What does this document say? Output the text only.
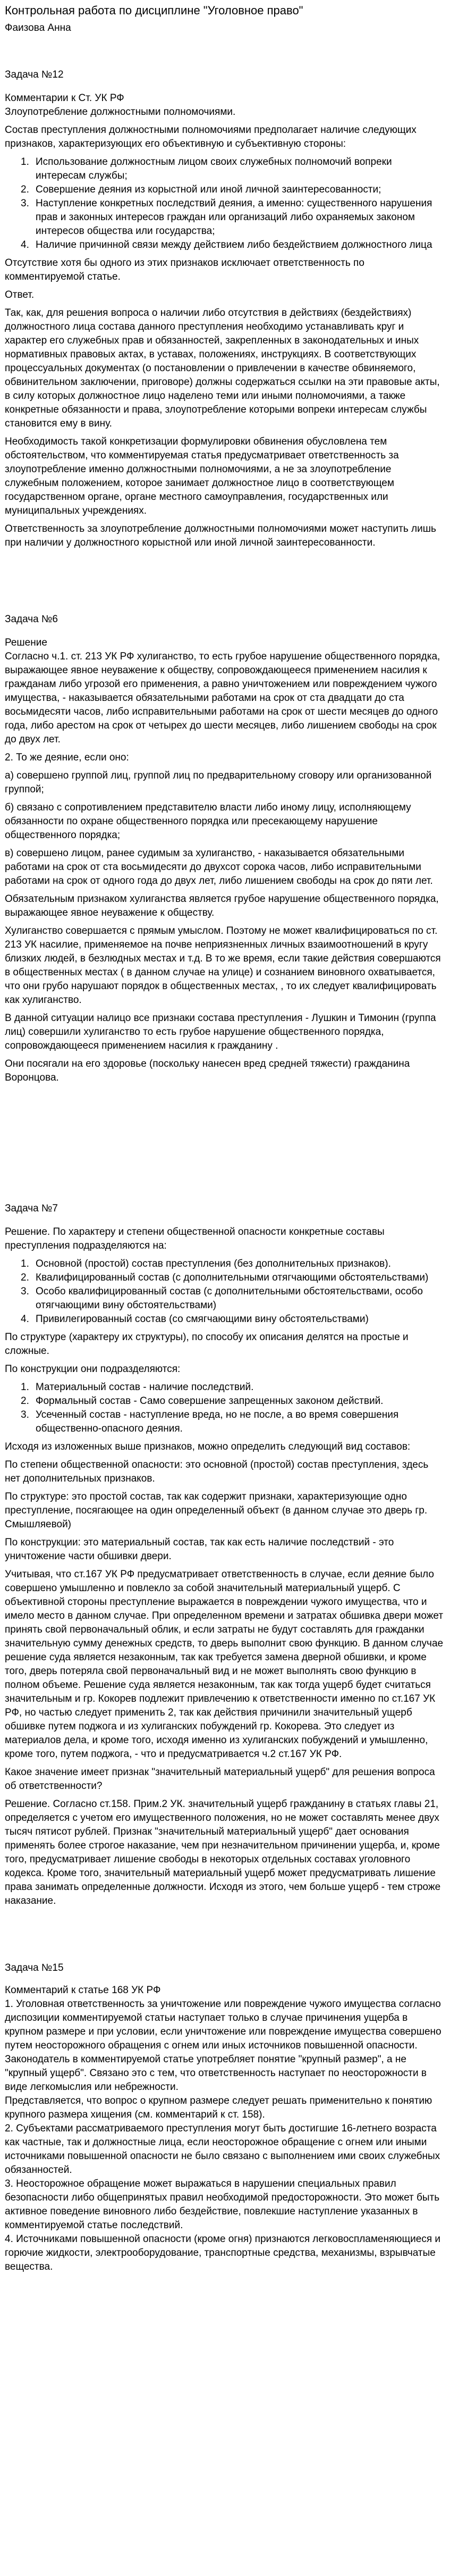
Контрольная работа по дисциплине "Уголовное право"

Фаизова Анна

Задача №12

Комментарии к Ст. УК РФ

Злоупотребление должностными полномочиями.

Состав преступления должностными полномочиями предполагает наличие следующих признаков, характеризующих его объективную и субъективную стороны:

1. Использование должностным лицом своих служебных полномочий вопреки интересам службы;
2. Совершение деяния из корыстной или иной личной заинтересованности;
3. Наступление конкретных последствий деяния, а именно: существенного нарушения прав и законных интересов граждан или организаций либо охраняемых законом интересов общества или государства;
4. Наличие причинной связи между действием либо бездействием должностного лица

Отсутствие хотя бы одного из этих признаков исключает ответственность по комментируемой статье.

Ответ.

Так, как, для решения вопроса о наличии либо отсутствия в действиях (бездействиях) должностного лица состава данного преступления необходимо устанавливать круг и характер его служебных прав и обязанностей, закрепленных в законодательных и иных нормативных правовых актах, в уставах, положениях, инструкциях. В соответствующих процессуальных документах (о постановлении о привлечении в качестве обвиняемого, обвинительном заключении, приговоре) должны содержаться ссылки на эти правовые акты, в силу которых должностное лицо наделено теми или иными полномочиями, а также конкретные обязанности и права, злоупотребление которыми вопреки интересам службы становится ему в вину.

Необходимость такой конкретизации формулировки обвинения обусловлена тем обстоятельством, что комментируемая статья предусматривает ответственность за злоупотребление именно должностными полномочиями, а не за злоупотребление служебным положением, которое занимает должностное лицо в соответствующем государственном органе, органе местного самоуправления, государственных или муниципальных учреждениях.

Ответственность за злоупотребление должностными полномочиями может наступить лишь при наличии у должностного корыстной или иной личной заинтересованности.

Задача №6

Решение

Согласно ч.1. ст. 213 УК РФ хулиганство, то есть грубое нарушение общественного порядка, выражающее явное неуважение к обществу, сопровождающееся применением насилия к гражданам либо угрозой его применения, а равно уничтожением или повреждением чужого имущества, - наказывается обязательными работами на срок от ста двадцати до ста восьмидесяти часов, либо исправительными работами на срок от шести месяцев до одного года, либо арестом на срок от четырех до шести месяцев, либо лишением свободы на срок до двух лет.

2. То же деяние, если оно:

а) совершено группой лиц, группой лиц по предварительному сговору или организованной группой;

б) связано с сопротивлением представителю власти либо иному лицу, исполняющему обязанности по охране общественного порядка или пресекающему нарушение общественного порядка;

в) совершено лицом, ранее судимым за хулиганство, - наказывается обязательными работами на срок от ста восьмидесяти до двухсот сорока часов, либо исправительными работами на срок от одного года до двух лет, либо лишением свободы на срок до пяти лет.

Обязательным признаком хулиганства является грубое нарушение общественного порядка, выражающее явное неуважение к обществу.

Хулиганство совершается с прямым умыслом. Поэтому не может квалифицироваться по ст. 213 УК насилие, применяемое на почве неприязненных личных взаимоотношений в кругу близких людей, в безлюдных местах и т.д. В то же время, если такие действия совершаются в общественных местах ( в данном случае на улице) и сознанием виновного охватывается, что они грубо нарушают порядок в общественных местах, , то их следует квалифицировать как хулиганство.

В данной ситуации налицо все признаки состава преступления - Лушкин и Тимонин (группа лиц) совершили хулиганство то есть грубое нарушение общественного порядка, сопровождающееся применением насилия к гражданину .

Они посягали на его здоровье (поскольку нанесен вред средней тяжести) гражданина Воронцова.

Задача №7

Решение. По характеру и степени общественной опасности конкретные составы преступления подразделяются на:

1. Основной (простой) состав преступления (без дополнительных признаков).
2. Квалифицированный состав (с дополнительными отягчающими обстоятельствами)
3. Особо квалифицированный состав (с дополнительными обстоятельствами, особо отягчающими вину обстоятельствами)
4. Привилегированный состав (со смягчающими вину обстоятельствами)

По структуре (характеру их структуры), по способу их описания делятся на простые и сложные.

По конструкции они подразделяются:

1. Материальный состав - наличие последствий.
2. Формальный состав - Само совершение запрещенных законом действий.
3. Усеченный состав - наступление вреда, но не после, а во время совершения общественно-опасного деяния.

Исходя из изложенных выше признаков, можно определить следующий вид составов:

По степени общественной опасности: это основной (простой) состав преступления, здесь нет дополнительных признаков.

По структуре: это простой состав, так как содержит признаки, характеризующие одно преступление, посягающее на один определенный объект (в данном случае это дверь гр. Смышляевой)

По конструкции: это материальный состав, так как есть наличие последствий - это уничтожение части обшивки двери.

Учитывая, что ст.167 УК РФ предусматривает ответственность в случае, если деяние было совершено умышленно и повлекло за собой значительный материальный ущерб. С объективной стороны преступление выражается в повреждении чужого имущества, что и имело место в данном случае. При определенном времени и затратах обшивка двери может принять свой первоначальный облик, и если затраты не будут составлять для гражданки значительную сумму денежных средств, то дверь выполнит свою функцию. В данном случае решение суда является незаконным, так как требуется замена дверной обшивки, и кроме того, дверь потеряла свой первоначальный вид и не может выполнять свою функцию в полном объеме. Решение суда является незаконным, так как тогда ущерб будет считаться значительным и гр. Кокорев подлежит привлечению к ответственности именно по ст.167 УК РФ, но частью следует применить 2, так как действия причинили значительный ущерб обшивке путем поджога и из хулиганских побуждений гр. Кокорева. Это следует из материалов дела, и кроме того, исходя именно из хулиганских побуждений и умышленно, кроме того, путем поджога, - что и предусматривается ч.2 ст.167 УК РФ.

Какое значение имеет признак "значительный материальный ущерб" для решения вопроса об ответственности?

Решение. Согласно ст.158. Прим.2 УК. значительный ущерб гражданину в статьях главы 21, определяется с учетом его имущественного положения, но не может составлять менее двух тысяч пятисот рублей. Признак "значительный материальный ущерб" дает основания применять более строгое наказание, чем при незначительном причинении ущерба, и, кроме того, предусматривает лишение свободы в некоторых отдельных составах уголовного кодекса. Кроме того, значительный материальный ущерб может предусматривать лишение права занимать определенные должности. Исходя из этого, чем больше ущерб - тем строже наказание.

Задача №15

Комментарий к статье 168 УК РФ

1. Уголовная ответственность за уничтожение или повреждение чужого имущества согласно диспозиции комментируемой статьи наступает только в случае причинения ущерба в крупном размере и при условии, если уничтожение или повреждение имущества совершено путем неосторожного обращения с огнем или иных источников повышенной опасности.

Законодатель в комментируемой статье употребляет понятие "крупный размер", а не "крупный ущерб". Связано это с тем, что ответственность наступает по неосторожности в виде легкомыслия или небрежности.

Представляется, что вопрос о крупном размере следует решать применительно к понятию крупного размера хищения (см. комментарий к ст. 158).

2. Субъектами рассматриваемого преступления могут быть достигшие 16-летнего возраста как частные, так и должностные лица, если неосторожное обращение с огнем или иными источниками повышенной опасности не было связано с выполнением ими своих служебных обязанностей.

3. Неосторожное обращение может выражаться в нарушении специальных правил безопасности либо общепринятых правил необходимой предосторожности. Это может быть активное поведение виновного либо бездействие, повлекшие наступление указанных в комментируемой статье последствий.

4. Источниками повышенной опасности (кроме огня) признаются легковоспламеняющиеся и горючие жидкости, электрооборудование, транспортные средства, механизмы, взрывчатые вещества.
